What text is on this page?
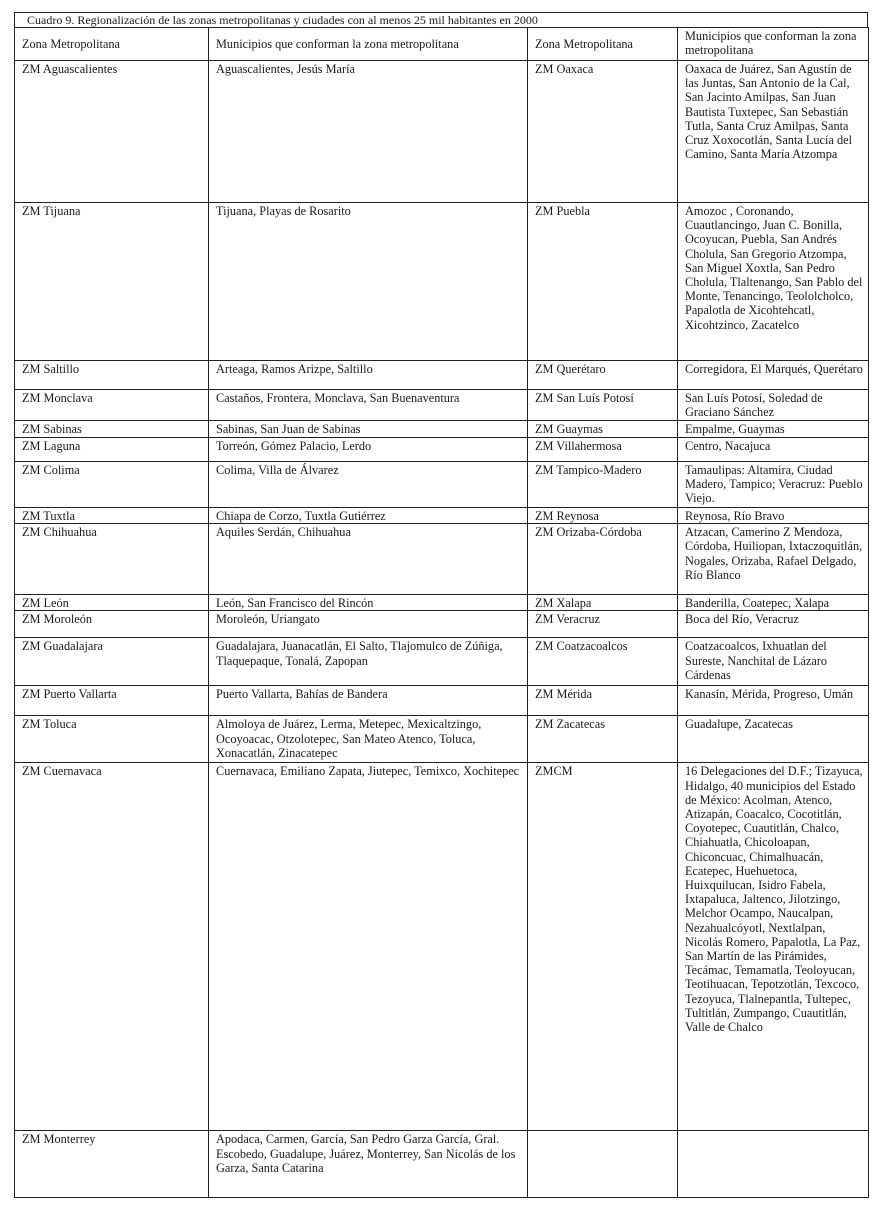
Cuadro 9. Regionalización de las zonas metropolitanas y ciudades con al menos 25 mil habitantes en 2000
Zona Metropolitana	Municipios que conforman la zona metropolitana	Zona Metropolitana	Municipios que conforman la zona metropolitana
ZM Aguascalientes	Aguascalientes, Jesús María	ZM Oaxaca	Oaxaca de Juárez, San Agustín de las Juntas, San Antonio de la Cal, San Jacinto Amilpas, San Juan Bautista Tuxtepec, San Sebastián Tutla, Santa Cruz Amilpas, Santa Cruz Xoxocotlán, Santa Lucía del Camino, Santa María Atzompa
ZM Tijuana	Tijuana, Playas de Rosarito	ZM Puebla	Amozoc , Coronando, Cuautlancingo, Juan C. Bonilla, Ocoyucan, Puebla, San Andrés Cholula, San Gregorio Atzompa, San Miguel Xoxtla, San Pedro Cholula, Tlaltenango, San Pablo del Monte, Tenancingo, Teololcholco, Papalotla de Xicohtehcatl, Xicohtzinco, Zacatelco
ZM Saltillo	Arteaga, Ramos Arizpe, Saltillo	ZM Querétaro	Corregidora, El Marqués, Querétaro
ZM Monclava	Castaños, Frontera, Monclava, San Buenaventura	ZM San Luís Potosí	San Luís Potosí, Soledad de Graciano Sánchez
ZM Sabinas	Sabinas, San Juan de Sabinas	ZM Guaymas	Empalme, Guaymas
ZM Laguna	Torreón, Gómez Palacio, Lerdo	ZM Villahermosa	Centro, Nacajuca
ZM Colima	Colima, Villa de Álvarez	ZM Tampico-Madero	Tamaulipas: Altamira, Ciudad Madero, Tampico; Veracruz: Pueblo Viejo.
ZM Tuxtla	Chiapa de Corzo, Tuxtla Gutiérrez	ZM Reynosa	Reynosa, Río Bravo
ZM Chihuahua	Aquiles Serdán, Chihuahua	ZM Orizaba-Córdoba	Atzacan, Camerino Z Mendoza, Córdoba, Huiliopan, Ixtaczoquitlán, Nogales, Orizaba, Rafael Delgado, Río Blanco
ZM León	León, San Francisco del Rincón	ZM Xalapa	Banderilla, Coatepec, Xalapa
ZM Moroleón	Moroleón, Uriangato	ZM Veracruz	Boca del Río, Veracruz
ZM Guadalajara	Guadalajara, Juanacatlán, El Salto, Tlajomulco de Zúñiga, Tlaquepaque, Tonalá, Zapopan	ZM Coatzacoalcos	Coatzacoalcos, Ixhuatlan del Sureste, Nanchital de Lázaro Cárdenas
ZM Puerto Vallarta	Puerto Vallarta, Bahías de Bandera	ZM Mérida	Kanasín, Mérida, Progreso, Umán
ZM Toluca	Almoloya de Juárez, Lerma, Metepec, Mexicaltzingo, Ocoyoacac, Otzolotepec, San Mateo Atenco, Toluca, Xonacatlán, Zinacatepec	ZM Zacatecas	Guadalupe, Zacatecas
ZM Cuernavaca	Cuernavaca, Emiliano Zapata, Jiutepec, Temixco, Xochitepec	ZMCM	16 Delegaciones del D.F.; Tizayuca, Hidalgo, 40 municipios del Estado de México: Acolman, Atenco, Atizapán, Coacalco, Cocotitlán, Coyotepec, Cuautitlán, Chalco, Chiahuatla, Chicoloapan, Chiconcuac, Chimalhuacán, Ecatepec, Huehuetoca, Huixquilucan, Isidro Fabela, Ixtapaluca, Jaltenco, Jilotzingo, Melchor Ocampo, Naucalpan, Nezahualcóyotl, Nextlalpan, Nicolás Romero, Papalotla, La Paz, San Martín de las Pirámides, Tecámac, Temamatla, Teoloyucan, Teotihuacan, Tepotzotlán, Texcoco, Tezoyuca, Tlalnepantla, Tultepec, Tultitlán, Zumpango, Cuautitlán, Valle de Chalco
ZM Monterrey	Apodaca, Carmen, García, San Pedro Garza García, Gral. Escobedo, Guadalupe, Juárez, Monterrey, San Nicolás de los Garza, Santa Catarina		
